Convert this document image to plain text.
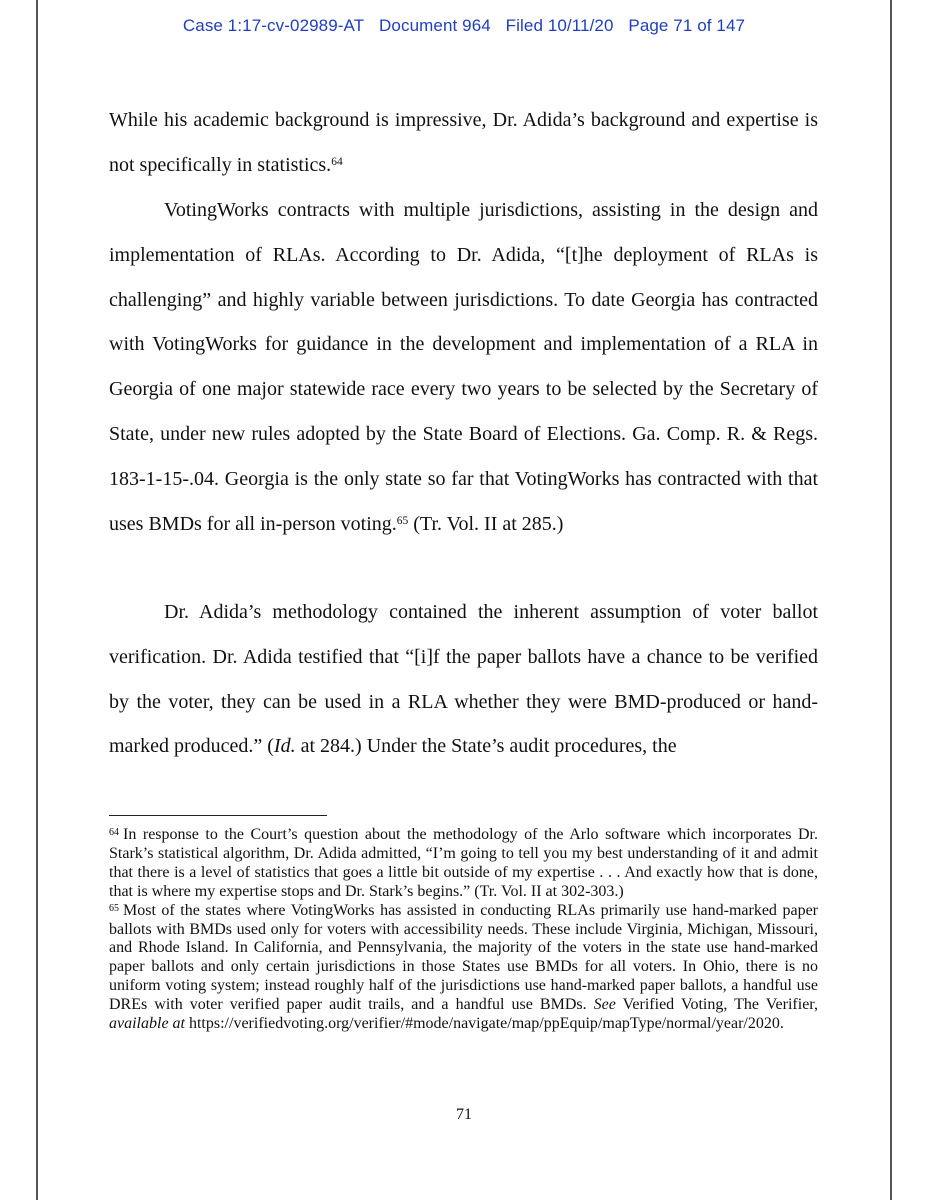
Case 1:17-cv-02989-AT Document 964 Filed 10/11/20 Page 71 of 147

While his academic background is impressive, Dr. Adida’s background and expertise is not specifically in statistics.$^{64}$

VotingWorks contracts with multiple jurisdictions, assisting in the design and implementation of RLAs. According to Dr. Adida, “[t]he deployment of RLAs is challenging” and highly variable between jurisdictions. To date Georgia has contracted with VotingWorks for guidance in the development and implementation of a RLA in Georgia of one major statewide race every two years to be selected by the Secretary of State, under new rules adopted by the State Board of Elections. Ga. Comp. R. & Regs. 183-1-15-.04. Georgia is the only state so far that VotingWorks has contracted with that uses BMDs for all in-person voting.$^{65}$ (Tr. Vol. II at 285.)

Dr. Adida’s methodology contained the inherent assumption of voter ballot verification. Dr. Adida testified that “[i]f the paper ballots have a chance to be verified by the voter, they can be used in a RLA whether they were BMD-produced or hand-marked produced.” (Id. at 284.) Under the State’s audit procedures, the

$^{64}$ In response to the Court’s question about the methodology of the Arlo software which incorporates Dr. Stark’s statistical algorithm, Dr. Adida admitted, “I’m going to tell you my best understanding of it and admit that there is a level of statistics that goes a little bit outside of my expertise . . . And exactly how that is done, that is where my expertise stops and Dr. Stark’s begins.” (Tr. Vol. II at 302-303.)

$^{65}$ Most of the states where VotingWorks has assisted in conducting RLAs primarily use hand-marked paper ballots with BMDs used only for voters with accessibility needs. These include Virginia, Michigan, Missouri, and Rhode Island. In California, and Pennsylvania, the majority of the voters in the state use hand-marked paper ballots and only certain jurisdictions in those States use BMDs for all voters. In Ohio, there is no uniform voting system; instead roughly half of the jurisdictions use hand-marked paper ballots, a handful use DREs with voter verified paper audit trails, and a handful use BMDs. See Verified Voting, The Verifier, available at https://verifiedvoting.org/verifier/#mode/navigate/map/ppEquip/mapType/normal/year/2020.

71
